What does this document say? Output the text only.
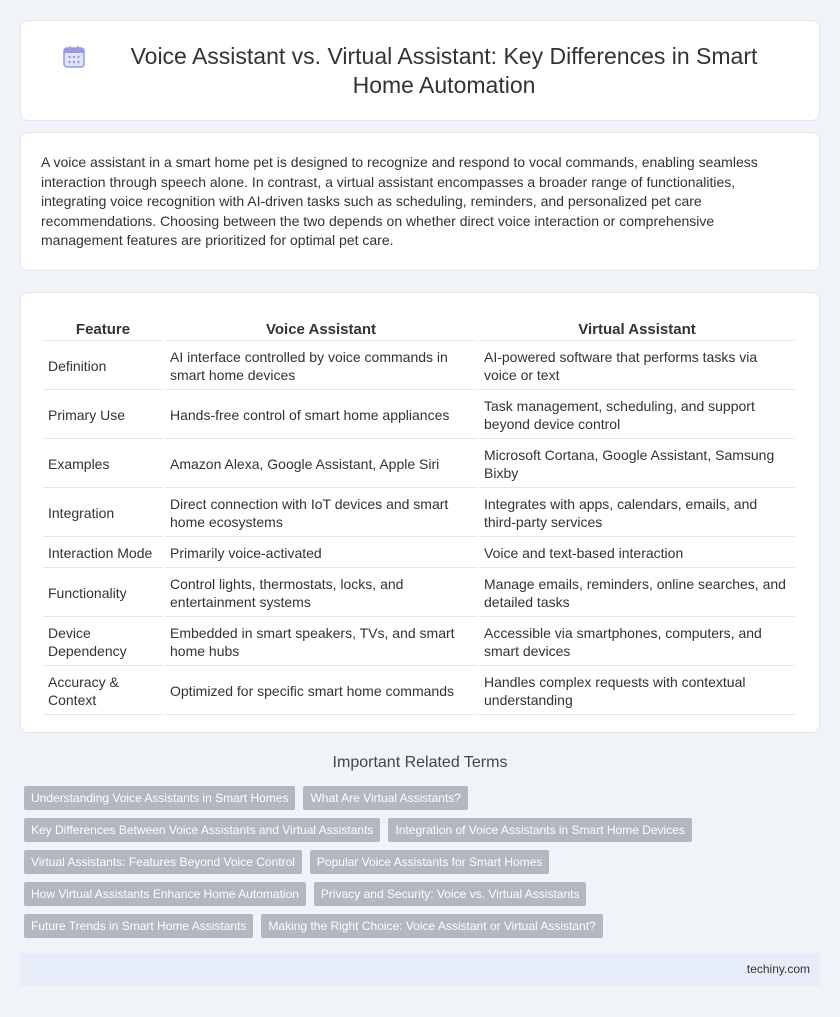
Voice Assistant vs. Virtual Assistant: Key Differences in Smart Home Automation

A voice assistant in a smart home pet is designed to recognize and respond to vocal commands, enabling seamless interaction through speech alone. In contrast, a virtual assistant encompasses a broader range of functionalities, integrating voice recognition with AI-driven tasks such as scheduling, reminders, and personalized pet care recommendations. Choosing between the two depends on whether direct voice interaction or comprehensive management features are prioritized for optimal pet care.

Feature	Voice Assistant	Virtual Assistant
Definition	AI interface controlled by voice commands in smart home devices	AI-powered software that performs tasks via voice or text
Primary Use	Hands-free control of smart home appliances	Task management, scheduling, and support beyond device control
Examples	Amazon Alexa, Google Assistant, Apple Siri	Microsoft Cortana, Google Assistant, Samsung Bixby
Integration	Direct connection with IoT devices and smart home ecosystems	Integrates with apps, calendars, emails, and third-party services
Interaction Mode	Primarily voice-activated	Voice and text-based interaction
Functionality	Control lights, thermostats, locks, and entertainment systems	Manage emails, reminders, online searches, and detailed tasks
Device Dependency	Embedded in smart speakers, TVs, and smart home hubs	Accessible via smartphones, computers, and smart devices
Accuracy & Context	Optimized for specific smart home commands	Handles complex requests with contextual understanding
Important Related Terms
Understanding Voice Assistants in Smart Homes	What Are Virtual Assistants?
Key Differences Between Voice Assistants and Virtual Assistants	Integration of Voice Assistants in Smart Home Devices
Virtual Assistants: Features Beyond Voice Control	Popular Voice Assistants for Smart Homes
How Virtual Assistants Enhance Home Automation	Privacy and Security: Voice vs. Virtual Assistants
Future Trends in Smart Home Assistants	Making the Right Choice: Voice Assistant or Virtual Assistant?
techiny.com
